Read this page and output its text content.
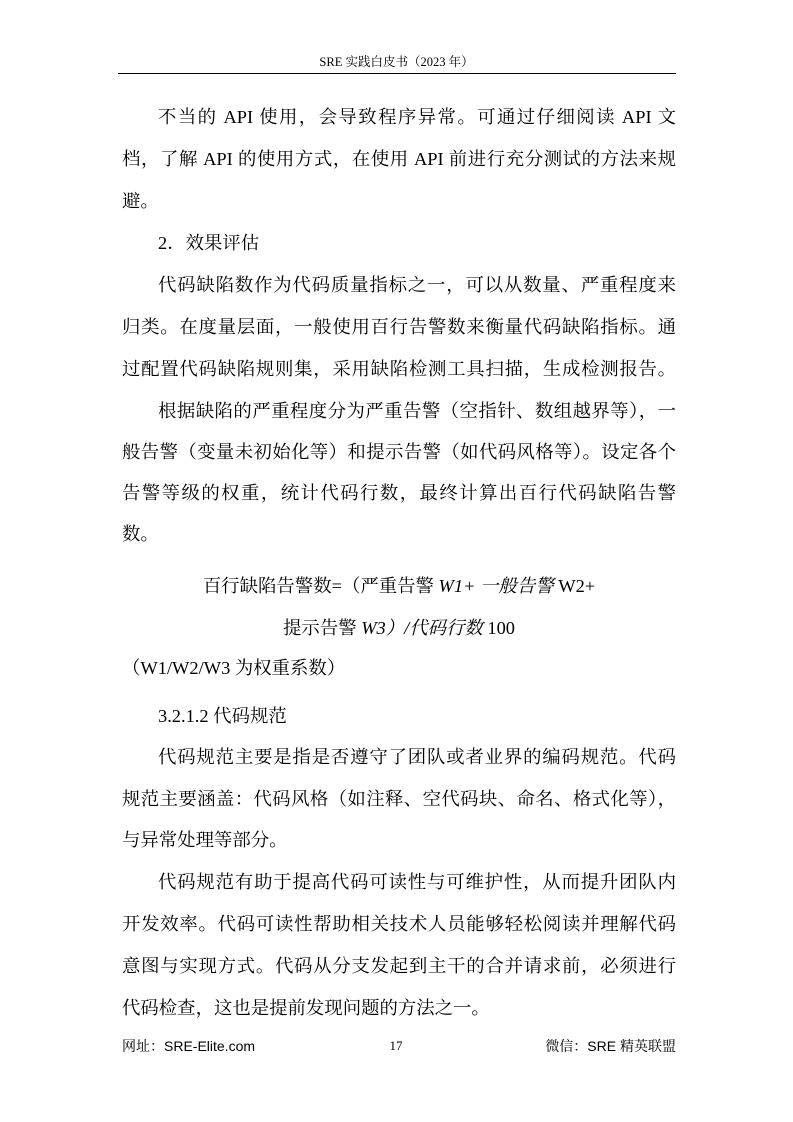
SRE 实践白皮书（2023 年）
不当的 API 使用，会导致程序异常。可通过仔细阅读 API 文
档，了解 API 的使用方式，在使用 API 前进行充分测试的方法来规
避。
2．效果评估
代码缺陷数作为代码质量指标之一，可以从数量、严重程度来
归类。在度量层面，一般使用百行告警数来衡量代码缺陷指标。通
过配置代码缺陷规则集，采用缺陷检测工具扫描，生成检测报告。
根据缺陷的严重程度分为严重告警（空指针、数组越界等），一
般告警（变量未初始化等）和提示告警（如代码风格等）。设定各个
告警等级的权重，统计代码行数，最终计算出百行代码缺陷告警
数。
百行缺陷告警数=（严重告警 W1+ 一般告警 W2+
提示告警 W3）/代码行数 100
（W1/W2/W3 为权重系数）
3.2.1.2 代码规范
代码规范主要是指是否遵守了团队或者业界的编码规范。代码
规范主要涵盖：代码风格（如注释、空代码块、命名、格式化等），
与异常处理等部分。
代码规范有助于提高代码可读性与可维护性，从而提升团队内
开发效率。代码可读性帮助相关技术人员能够轻松阅读并理解代码
意图与实现方式。代码从分支发起到主干的合并请求前，必须进行
代码检查，这也是提前发现问题的方法之一。
网址：SRE-Elite.com	17	微信：SRE 精英联盟
